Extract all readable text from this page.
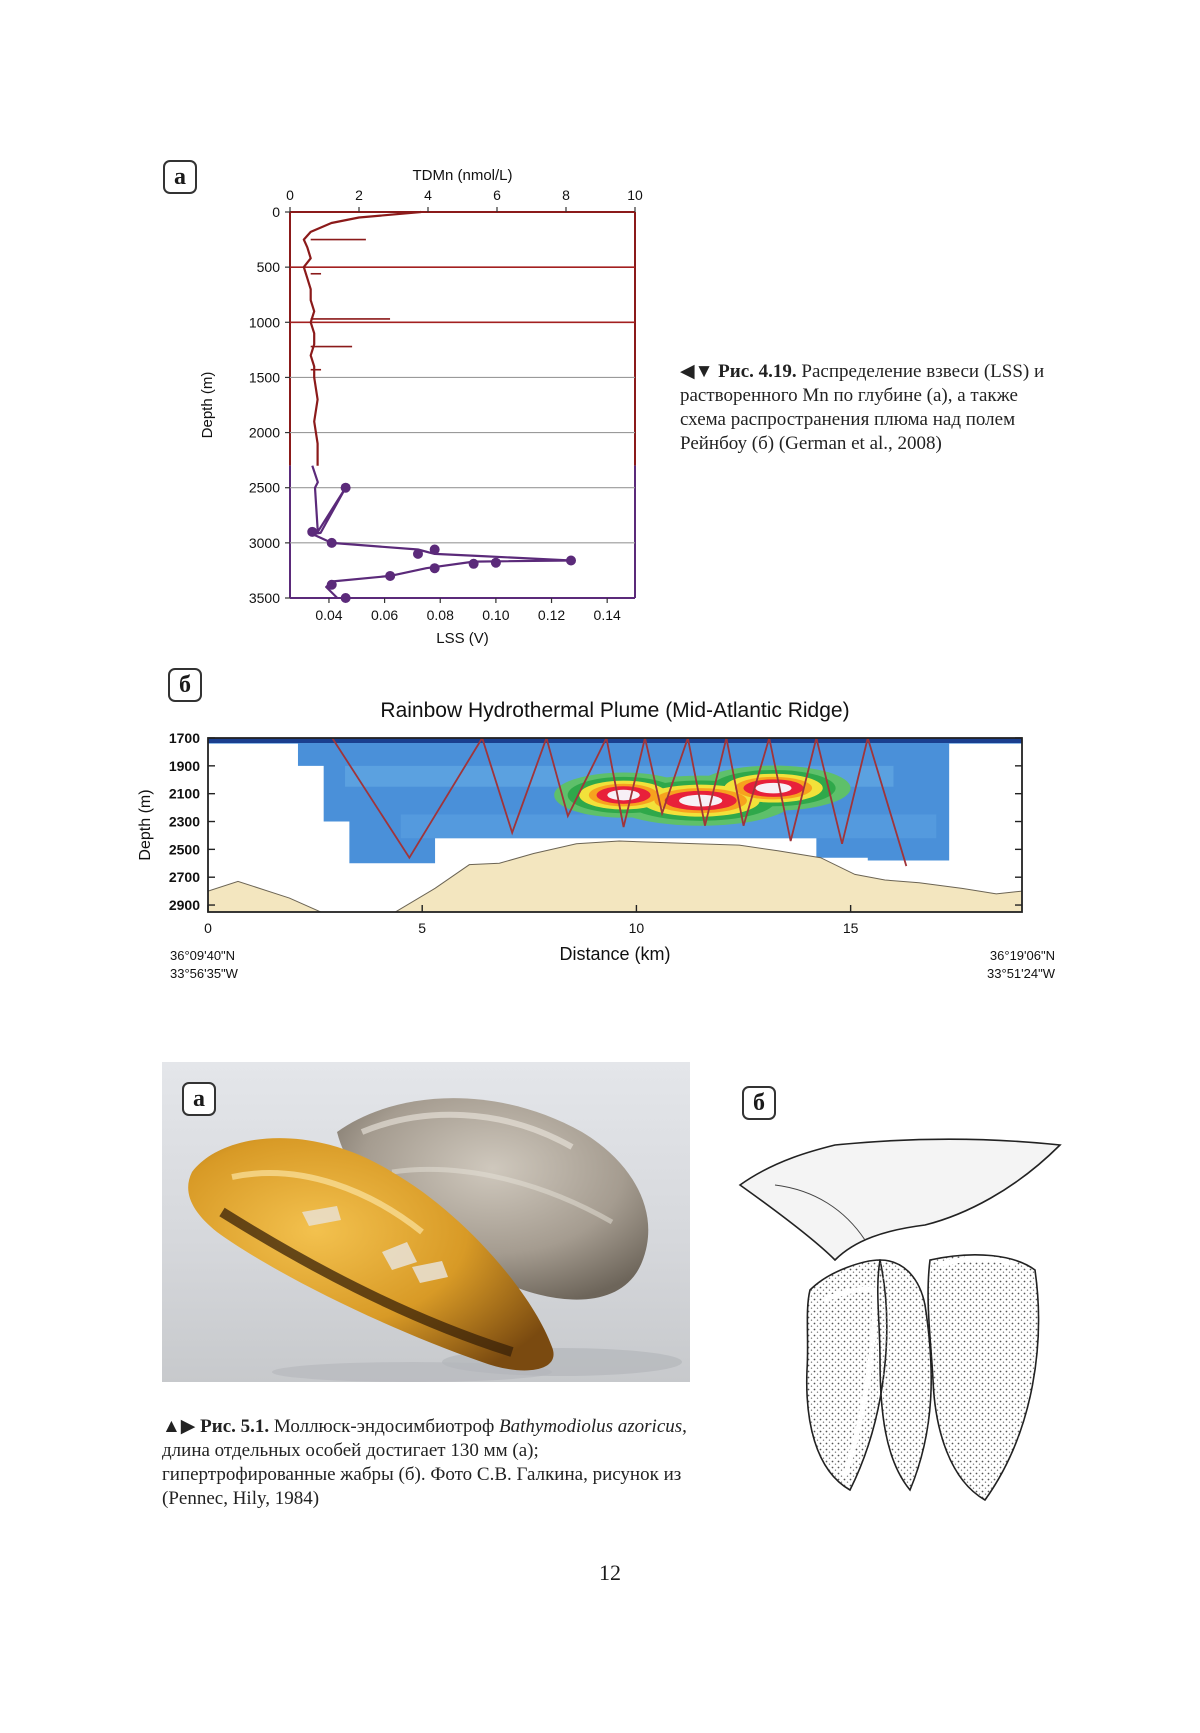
а
0
500
1000
1500
2000
2500
3000
3500
0	2	4	6	8	10
0.04 0.06 0.08 0.10 0.12 0.14
TDMn (nmol/L)
LSS (V)
Depth (m)
◀▼ Рис. 4.19. Распределение взвеси (LSS) и растворенного Mn по глубине (а), а также схема распространения плюма над полем Рейнбоу (б) (German et al., 2008)
б
Rainbow Hydrothermal Plume (Mid-Atlantic Ridge)
1700
1900
2100
2300
2500
2700
2900
0	5	10	15
Distance (km)
Depth (m)
36°09'40"N
33°56'35"W
36°19'06"N
33°51'24"W
а	б
▲▶ Рис. 5.1. Моллюск-эндосимбиотроф Bathymodiolus azoricus, длина отдельных особей достигает 130 мм (а); гипертрофированные жабры (б). Фото С.В. Галкина, рисунок из (Pennec, Hily, 1984)
12
